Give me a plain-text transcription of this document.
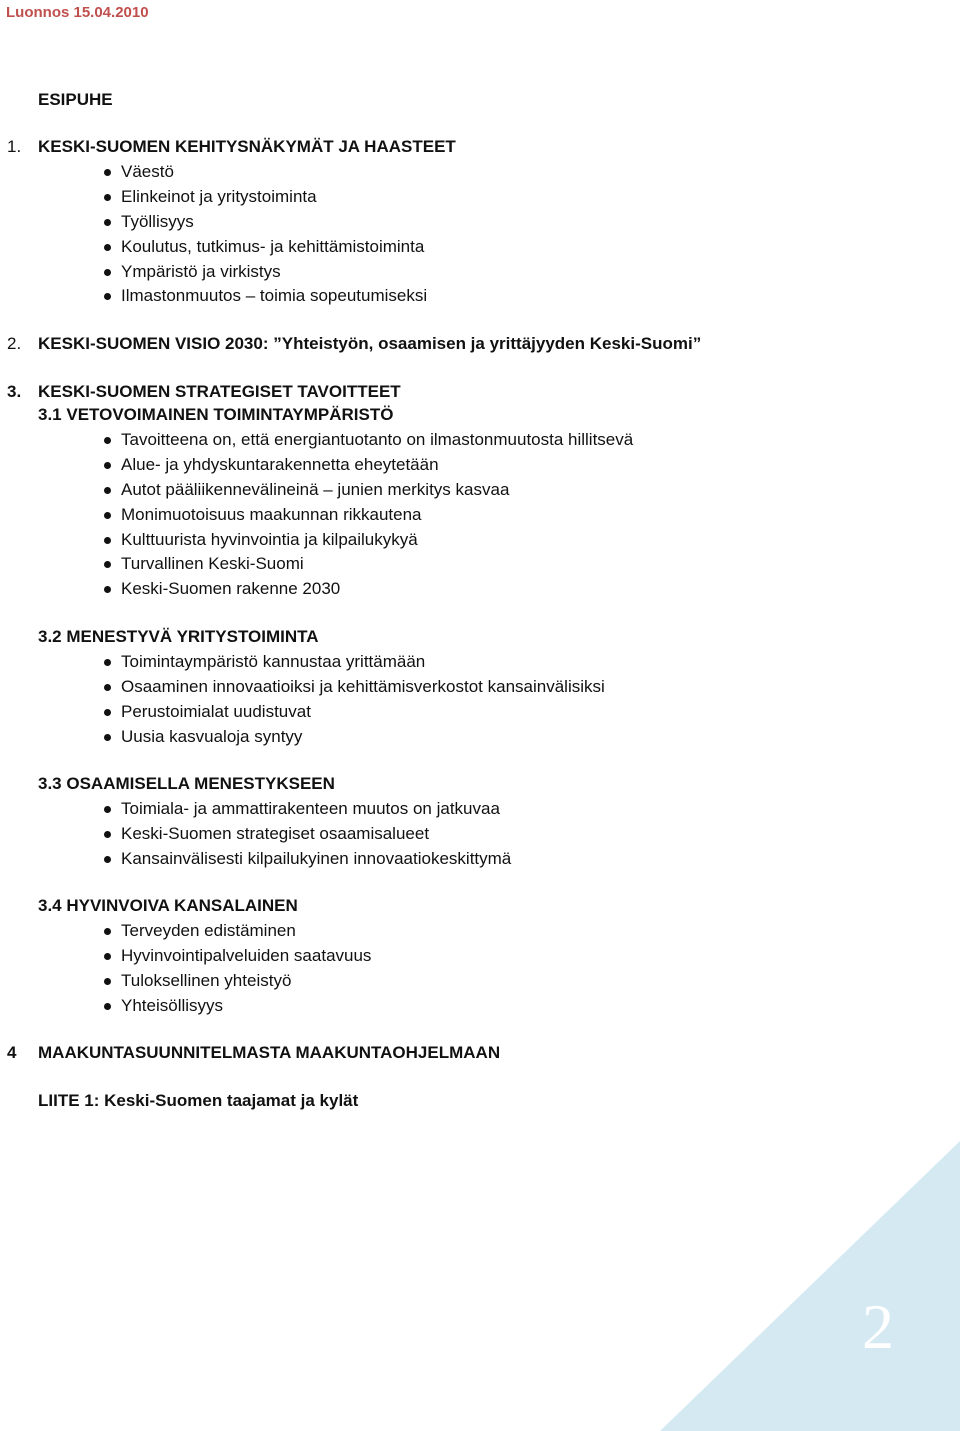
Luonnos 15.04.2010
ESIPUHE
1. KESKI-SUOMEN KEHITYSNÄKYMÄT JA HAASTEET
Väestö
Elinkeinot ja yritystoiminta
Työllisyys
Koulutus, tutkimus- ja kehittämistoiminta
Ympäristö ja virkistys
Ilmastonmuutos – toimia sopeutumiseksi
2. KESKI-SUOMEN VISIO 2030: ”Yhteistyön, osaamisen ja yrittäjyyden Keski-Suomi”
3. KESKI-SUOMEN STRATEGISET TAVOITTEET
3.1 VETOVOIMAINEN TOIMINTAYMPÄRISTÖ
Tavoitteena on, että energiantuotanto on ilmastonmuutosta hillitsevä
Alue- ja yhdyskuntarakennetta eheytetään
Autot pääliikennevälineinä – junien merkitys kasvaa
Monimuotoisuus maakunnan rikkautena
Kulttuurista hyvinvointia ja kilpailukykyä
Turvallinen Keski-Suomi
Keski-Suomen rakenne 2030
3.2 MENESTYVÄ YRITYSTOIMINTA
Toimintaympäristö kannustaa yrittämään
Osaaminen innovaatioiksi ja kehittämisverkostot kansainvälisiksi
Perustoimialat uudistuvat
Uusia kasvualoja syntyy
3.3 OSAAMISELLA MENESTYKSEEN
Toimiala- ja ammattirakenteen muutos on jatkuvaa
Keski-Suomen strategiset osaamisalueet
Kansainvälisesti kilpailukyinen innovaatiokeskittymä
3.4 HYVINVOIVA KANSALAINEN
Terveyden edistäminen
Hyvinvointipalveluiden saatavuus
Tuloksellinen yhteistyö
Yhteisöllisyys
4 MAAKUNTASUUNNITELMASTA MAAKUNTAOHJELMAAN
LIITE 1: Keski-Suomen taajamat ja kylät
2
